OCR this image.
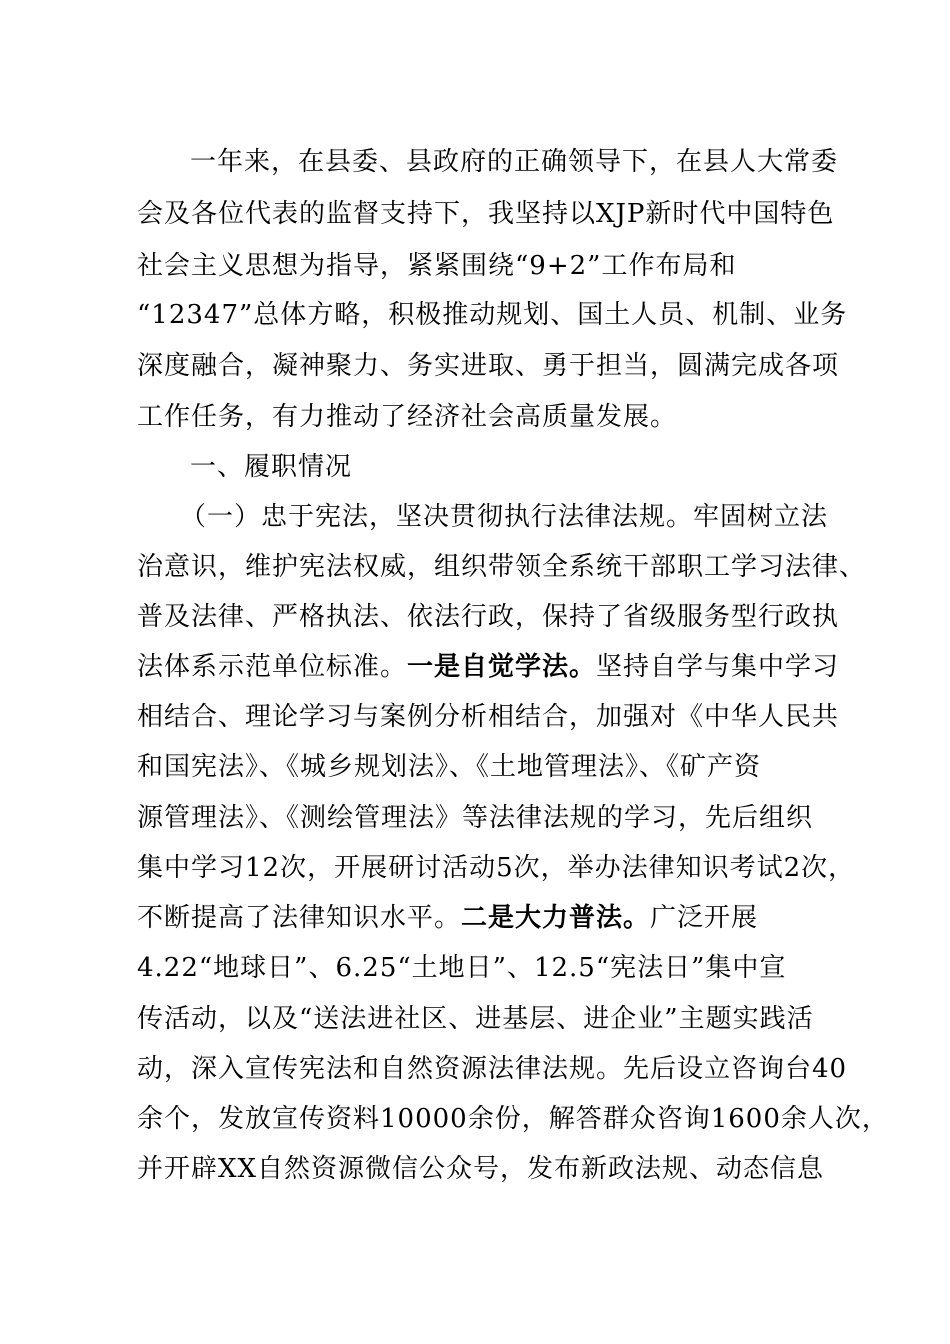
一年来，在县委、县政府的正确领导下，在县人大常委
会及各位代表的监督支持下，我坚持以XJP新时代中国特色
社会主义思想为指导，紧紧围绕“9+2”工作布局和
“12347”总体方略，积极推动规划、国土人员、机制、业务
深度融合，凝神聚力、务实进取、勇于担当，圆满完成各项
工作任务，有力推动了经济社会高质量发展。
一、履职情况
（一）忠于宪法，坚决贯彻执行法律法规。牢固树立法
治意识，维护宪法权威，组织带领全系统干部职工学习法律、
普及法律、严格执法、依法行政，保持了省级服务型行政执
法体系示范单位标准。一是自觉学法。坚持自学与集中学习
相结合、理论学习与案例分析相结合，加强对《中华人民共
和国宪法》、《城乡规划法》、《土地管理法》、《矿产资
源管理法》、《测绘管理法》等法律法规的学习，先后组织
集中学习12次，开展研讨活动5次，举办法律知识考试2次，
不断提高了法律知识水平。二是大力普法。广泛开展
4.22“地球日”、6.25“土地日”、12.5“宪法日”集中宣
传活动，以及“送法进社区、进基层、进企业”主题实践活
动，深入宣传宪法和自然资源法律法规。先后设立咨询台40
余个，发放宣传资料10000余份，解答群众咨询1600余人次，
并开辟XX自然资源微信公众号，发布新政法规、动态信息
